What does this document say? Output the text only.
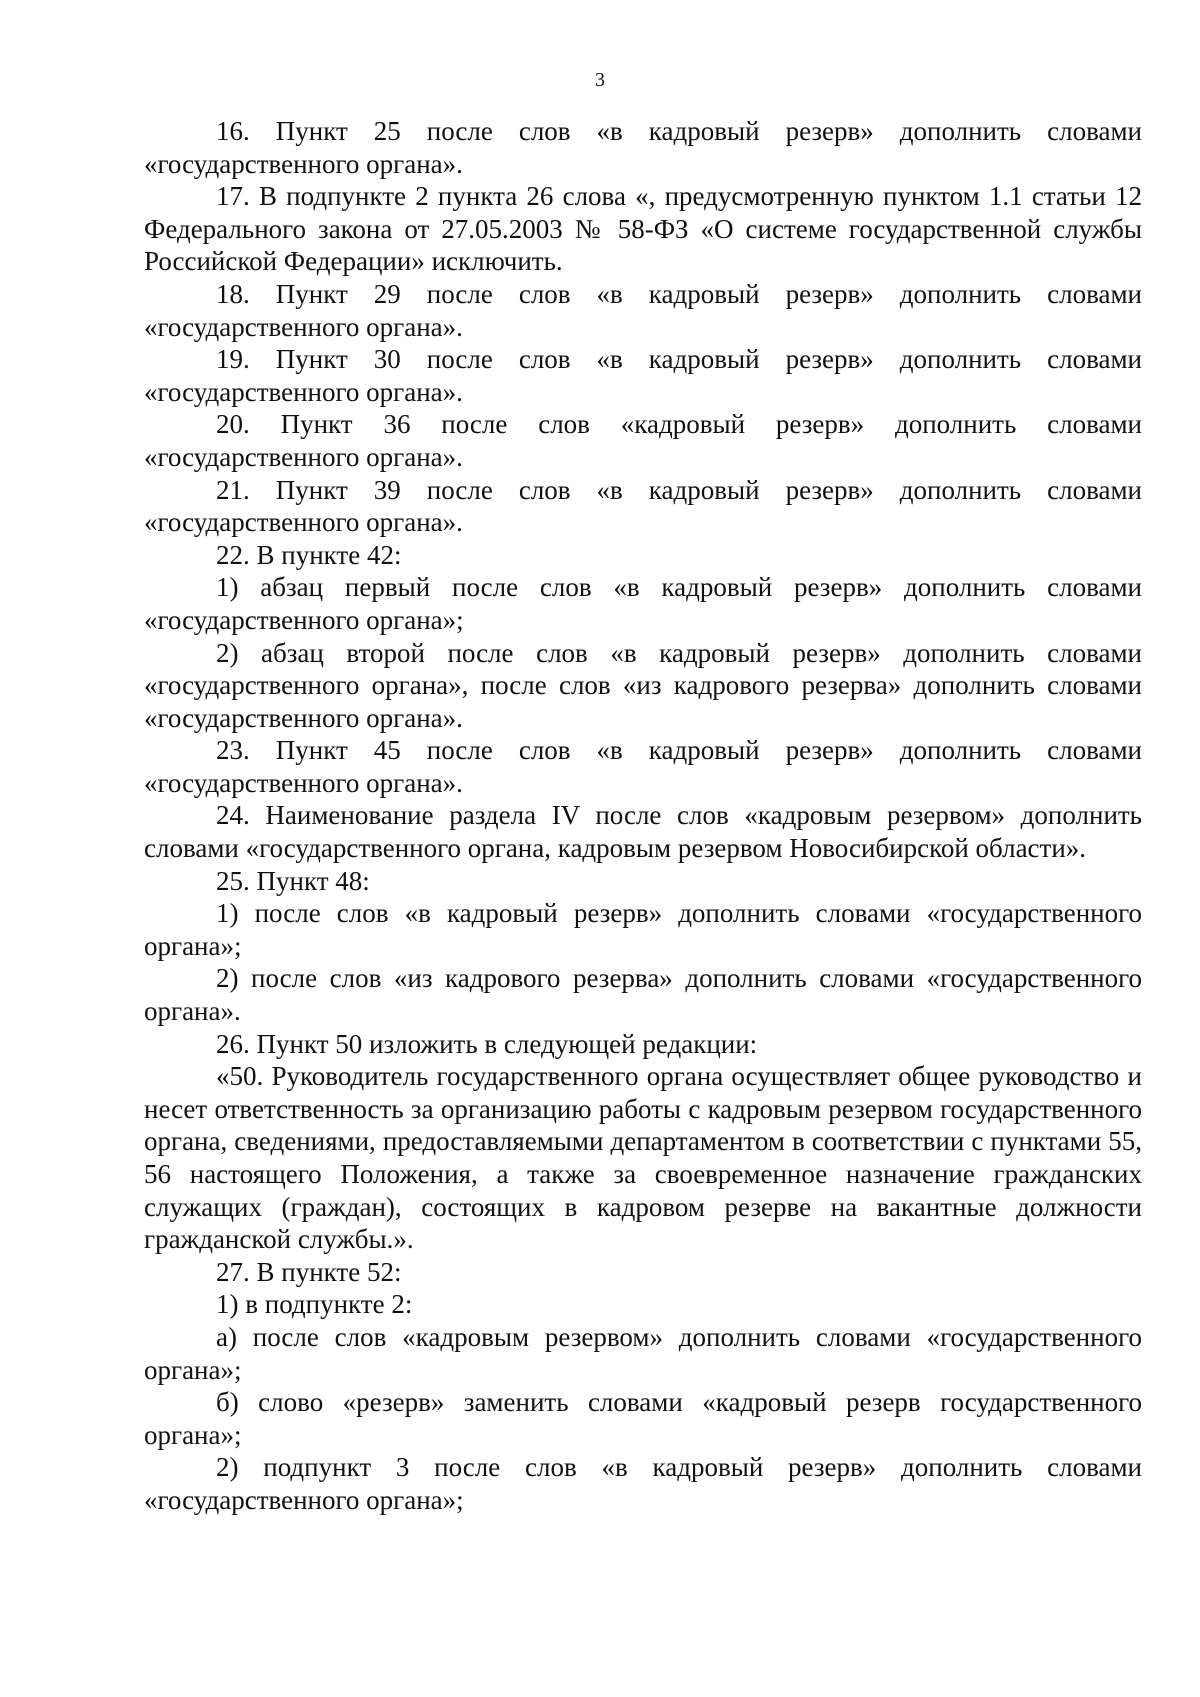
3

16. Пункт 25 после слов «в кадровый резерв» дополнить словами «государственного органа».

17. В подпункте 2 пункта 26 слова «, предусмотренную пунктом 1.1 статьи 12 Федерального закона от 27.05.2003 № 58-ФЗ «О системе государственной службы Российской Федерации» исключить.

18. Пункт 29 после слов «в кадровый резерв» дополнить словами «государственного органа».

19. Пункт 30 после слов «в кадровый резерв» дополнить словами «государственного органа».

20. Пункт 36 после слов «кадровый резерв» дополнить словами «государственного органа».

21. Пункт 39 после слов «в кадровый резерв» дополнить словами «государственного органа».

22. В пункте 42:

1) абзац первый после слов «в кадровый резерв» дополнить словами «государственного органа»;

2) абзац второй после слов «в кадровый резерв» дополнить словами «государственного органа», после слов «из кадрового резерва» дополнить словами «государственного органа».

23. Пункт 45 после слов «в кадровый резерв» дополнить словами «государственного органа».

24. Наименование раздела IV после слов «кадровым резервом» дополнить словами «государственного органа, кадровым резервом Новосибирской области».

25. Пункт 48:

1) после слов «в кадровый резерв» дополнить словами «государственного органа»;

2) после слов «из кадрового резерва» дополнить словами «государственного органа».

26. Пункт 50 изложить в следующей редакции:

«50. Руководитель государственного органа осуществляет общее руководство и несет ответственность за организацию работы с кадровым резервом государственного органа, сведениями, предоставляемыми департаментом в соответствии с пунктами 55, 56 настоящего Положения, а также за своевременное назначение гражданских служащих (граждан), состоящих в кадровом резерве на вакантные должности гражданской службы.».

27. В пункте 52:

1) в подпункте 2:

а) после слов «кадровым резервом» дополнить словами «государственного органа»;

б) слово «резерв» заменить словами «кадровый резерв государственного органа»;

2) подпункт 3 после слов «в кадровый резерв» дополнить словами «государственного органа»;
